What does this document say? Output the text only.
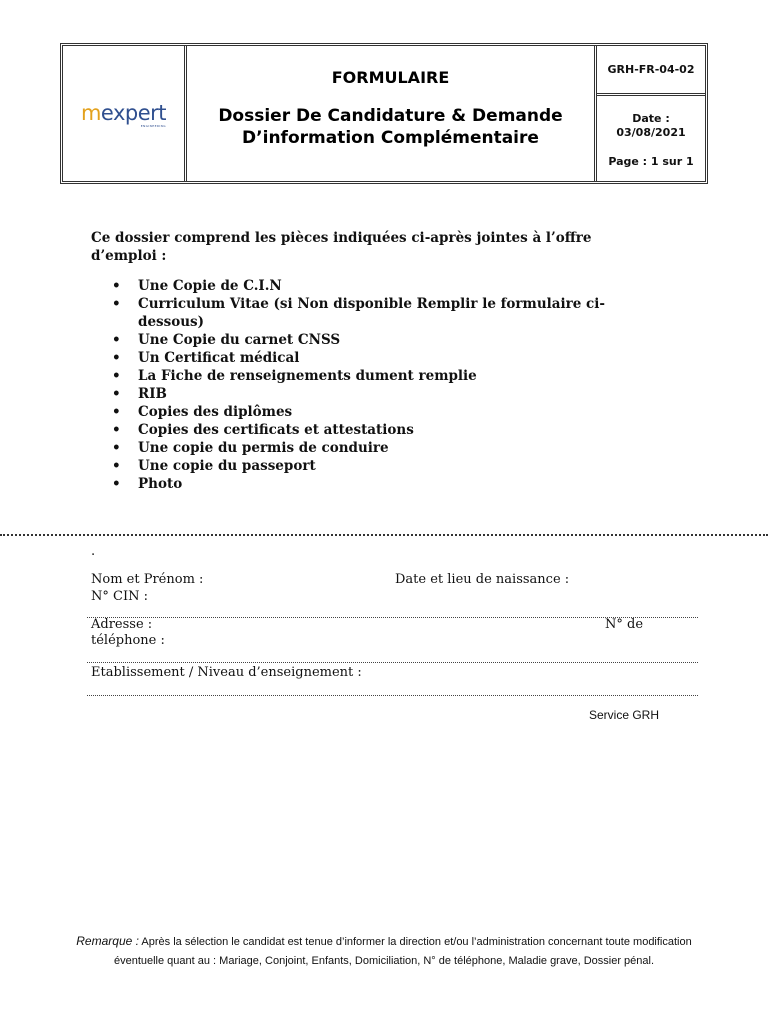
mexpert
ENGINEERING
FORMULAIRE
Dossier De Candidature & Demande
D’information Complémentaire
GRH-FR-04-02
Date :
03/08/2021
Page : 1 sur 1
Ce dossier comprend les pièces indiquées ci-après jointes à l’offre d’emploi :
• Une Copie de C.I.N
• Curriculum Vitae (si Non disponible Remplir le formulaire ci-dessous)
• Une Copie du carnet CNSS
• Un Certificat médical
• La Fiche de renseignements dument remplie
• RIB
• Copies des diplômes
• Copies des certificats et attestations
• Une copie du permis de conduire
• Une copie du passeport
• Photo
.
Nom et Prénom :	Date et lieu de naissance :
N° CIN :
Adresse :	N° de
téléphone :
Etablissement / Niveau d’enseignement :
Service GRH
Remarque : Après la sélection le candidat est tenue d’informer la direction et/ou l’administration concernant toute modification
éventuelle quant au : Mariage, Conjoint, Enfants, Domiciliation, N° de téléphone, Maladie grave, Dossier pénal.
